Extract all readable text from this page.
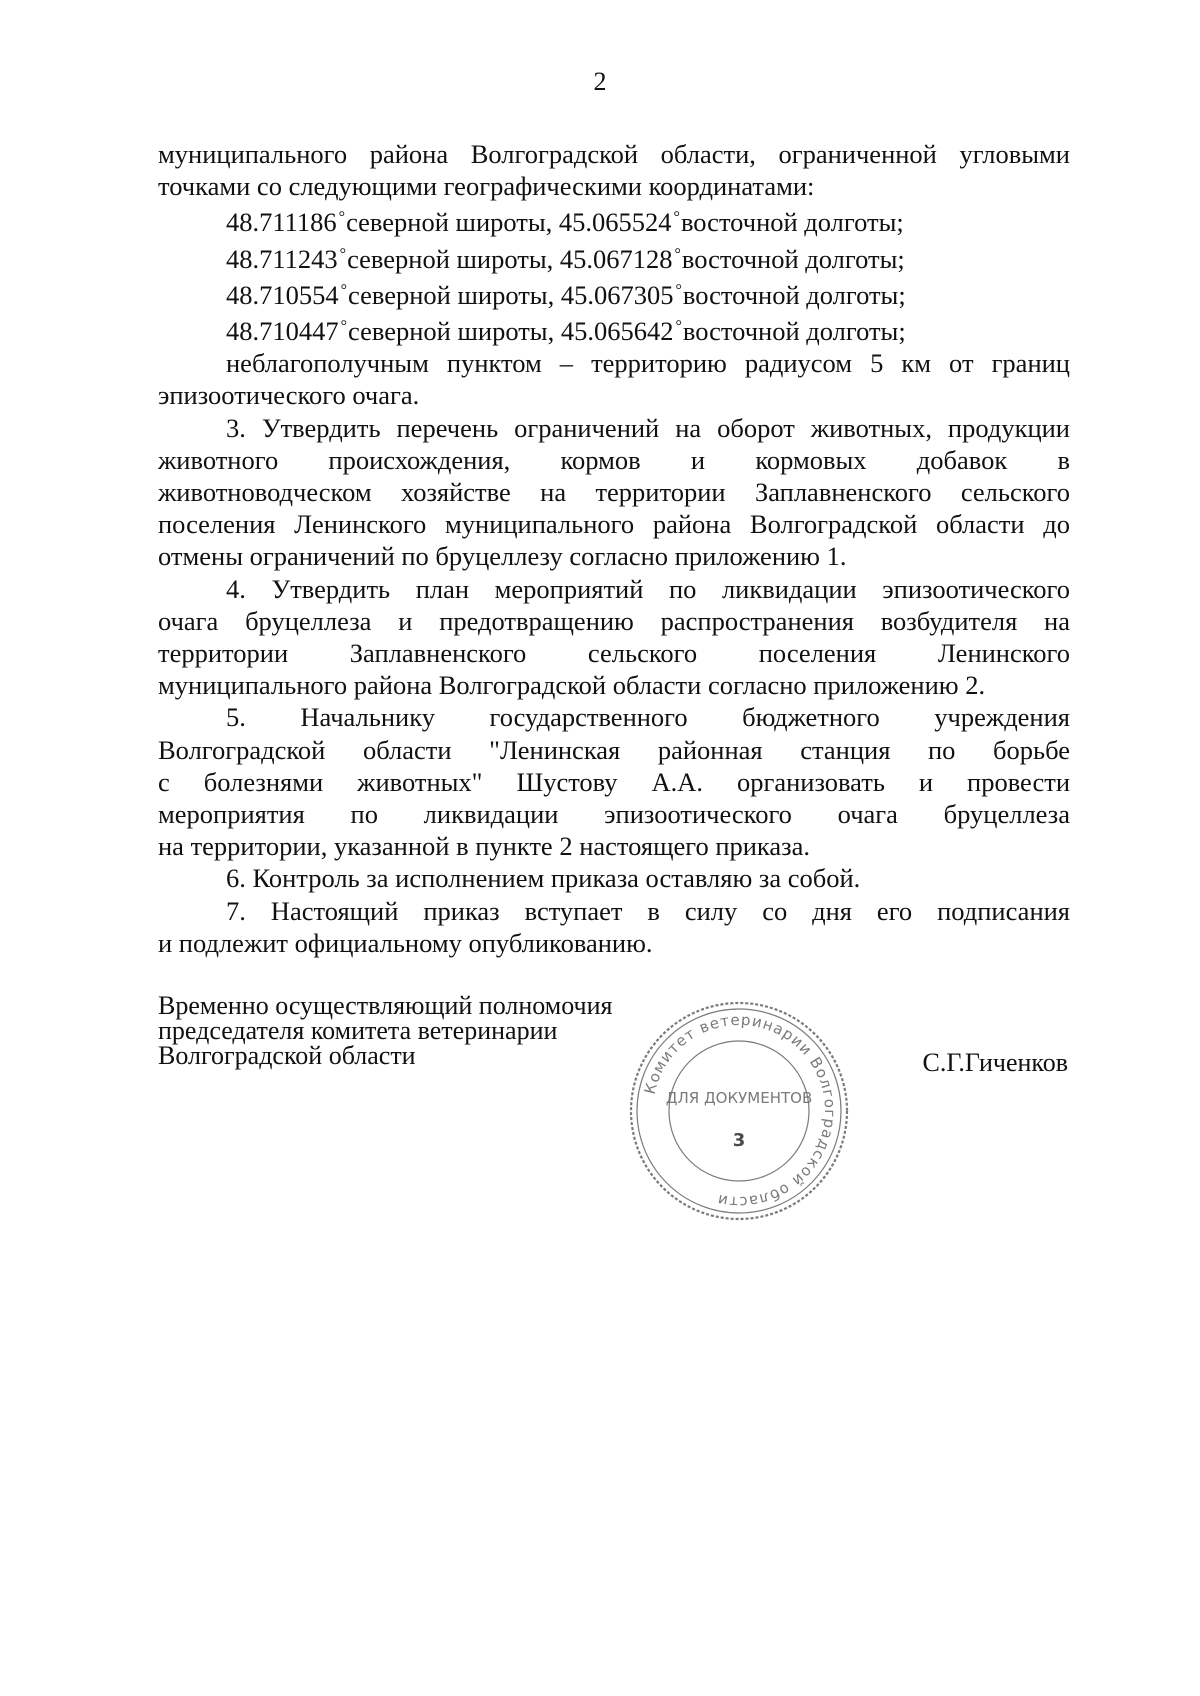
2

муниципального района Волгоградской области, ограниченной угловыми

точками со следующими географическими координатами:

48.711186 °северной широты, 45.065524 °восточной долготы;

48.711243 °северной широты, 45.067128 °восточной долготы;

48.710554 °северной широты, 45.067305 °восточной долготы;

48.710447 °северной широты, 45.065642 °восточной долготы;

неблагополучным пунктом – территорию радиусом 5 км от границ

эпизоотического очага.

3. Утвердить перечень ограничений на оборот животных, продукции

животного происхождения, кормов и кормовых добавок в

животноводческом хозяйстве на территории Заплавненского сельского

поселения Ленинского муниципального района Волгоградской области до

отмены ограничений по бруцеллезу согласно приложению 1.

4. Утвердить план мероприятий по ликвидации эпизоотического

очага бруцеллеза и предотвращению распространения возбудителя на

территории Заплавненского сельского поселения Ленинского

муниципального района Волгоградской области согласно приложению 2.

5. Начальнику государственного бюджетного учреждения

Волгоградской области "Ленинская районная станция по борьбе

с болезнями животных" Шустову А.А. организовать и провести

мероприятия по ликвидации эпизоотического очага бруцеллеза

на территории, указанной в пункте 2 настоящего приказа.

6. Контроль за исполнением приказа оставляю за собой.

7. Настоящий приказ вступает в силу со дня его подписания

и подлежит официальному опубликованию.

Временно осуществляющий полномочия
председателя комитета ветеринарии
Волгоградской области
Комитет ветеринарии Волгоградской области
ДЛЯ ДОКУМЕНТОВ
3
С.Г.Гиченков
